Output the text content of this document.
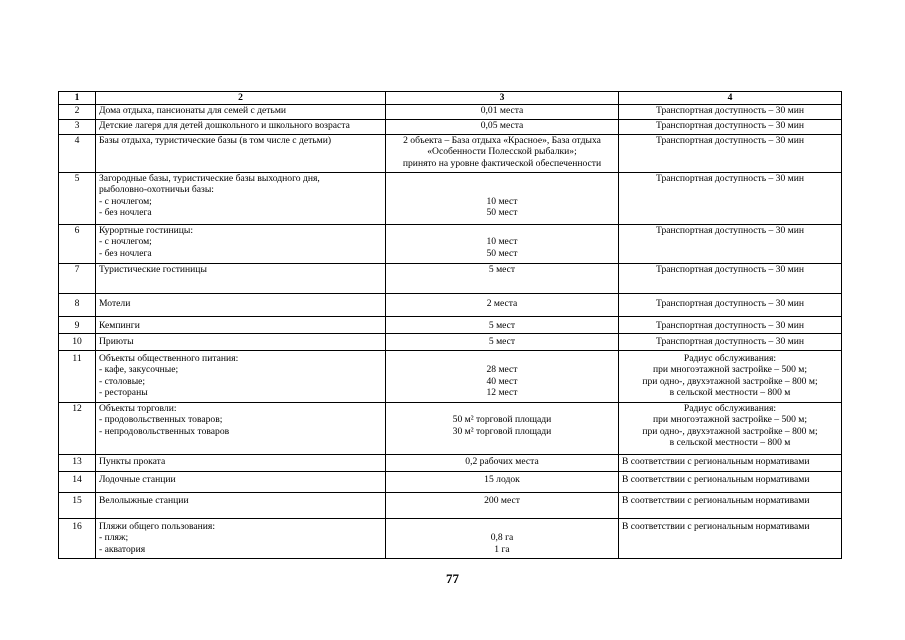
1	2	3	4
2	Дома отдыха, пансионаты для семей с детьми	0,01 места	Транспортная доступность – 30 мин

3	Детские лагеря для детей дошкольного и школьного возраста	0,05 места	Транспортная доступность – 30 мин

4	Базы отдыха, туристические базы (в том числе с детьми)	2 объекта – База отдыха «Красное», База отдыха
«Особенности Полесской рыбалки»;
принято на уровне фактической обеспеченности	Транспортная доступность – 30 мин

5	Загородные базы, туристические базы выходного дня,
рыболовно-охотничьи базы:
- с ночлегом;
- без ночлега	10 мест
50 мест	Транспортная доступность – 30 мин

6	Курортные гостиницы:
- с ночлегом;
- без ночлега	10 мест
50 мест	Транспортная доступность – 30 мин

7	Туристические гостиницы	5 мест	Транспортная доступность – 30 мин

8	Мотели	2 места	Транспортная доступность – 30 мин

9	Кемпинги	5 мест	Транспортная доступность – 30 мин

10	Приюты	5 мест	Транспортная доступность – 30 мин

11	Объекты общественного питания:
- кафе, закусочные;
- столовые;
- рестораны	28 мест
40 мест
12 мест	Радиус обслуживания:
при многоэтажной застройке – 500 м;
при одно-, двухэтажной застройке – 800 м;
в сельской местности – 800 м

12	Объекты торговли:
- продовольственных товаров;
- непродовольственных товаров	50 м² торговой площади
30 м² торговой площади	Радиус обслуживания:
при многоэтажной застройке – 500 м;
при одно-, двухэтажной застройке – 800 м;
в сельской местности – 800 м

13	Пункты проката	0,2 рабочих места	В соответствии с региональным нормативами

14	Лодочные станции	15 лодок	В соответствии с региональным нормативами

15	Велолыжные станции	200 мест	В соответствии с региональным нормативами

16	Пляжи общего пользования:
- пляж;
- акватория	0,8 га
1 га	В соответствии с региональным нормативами
77
